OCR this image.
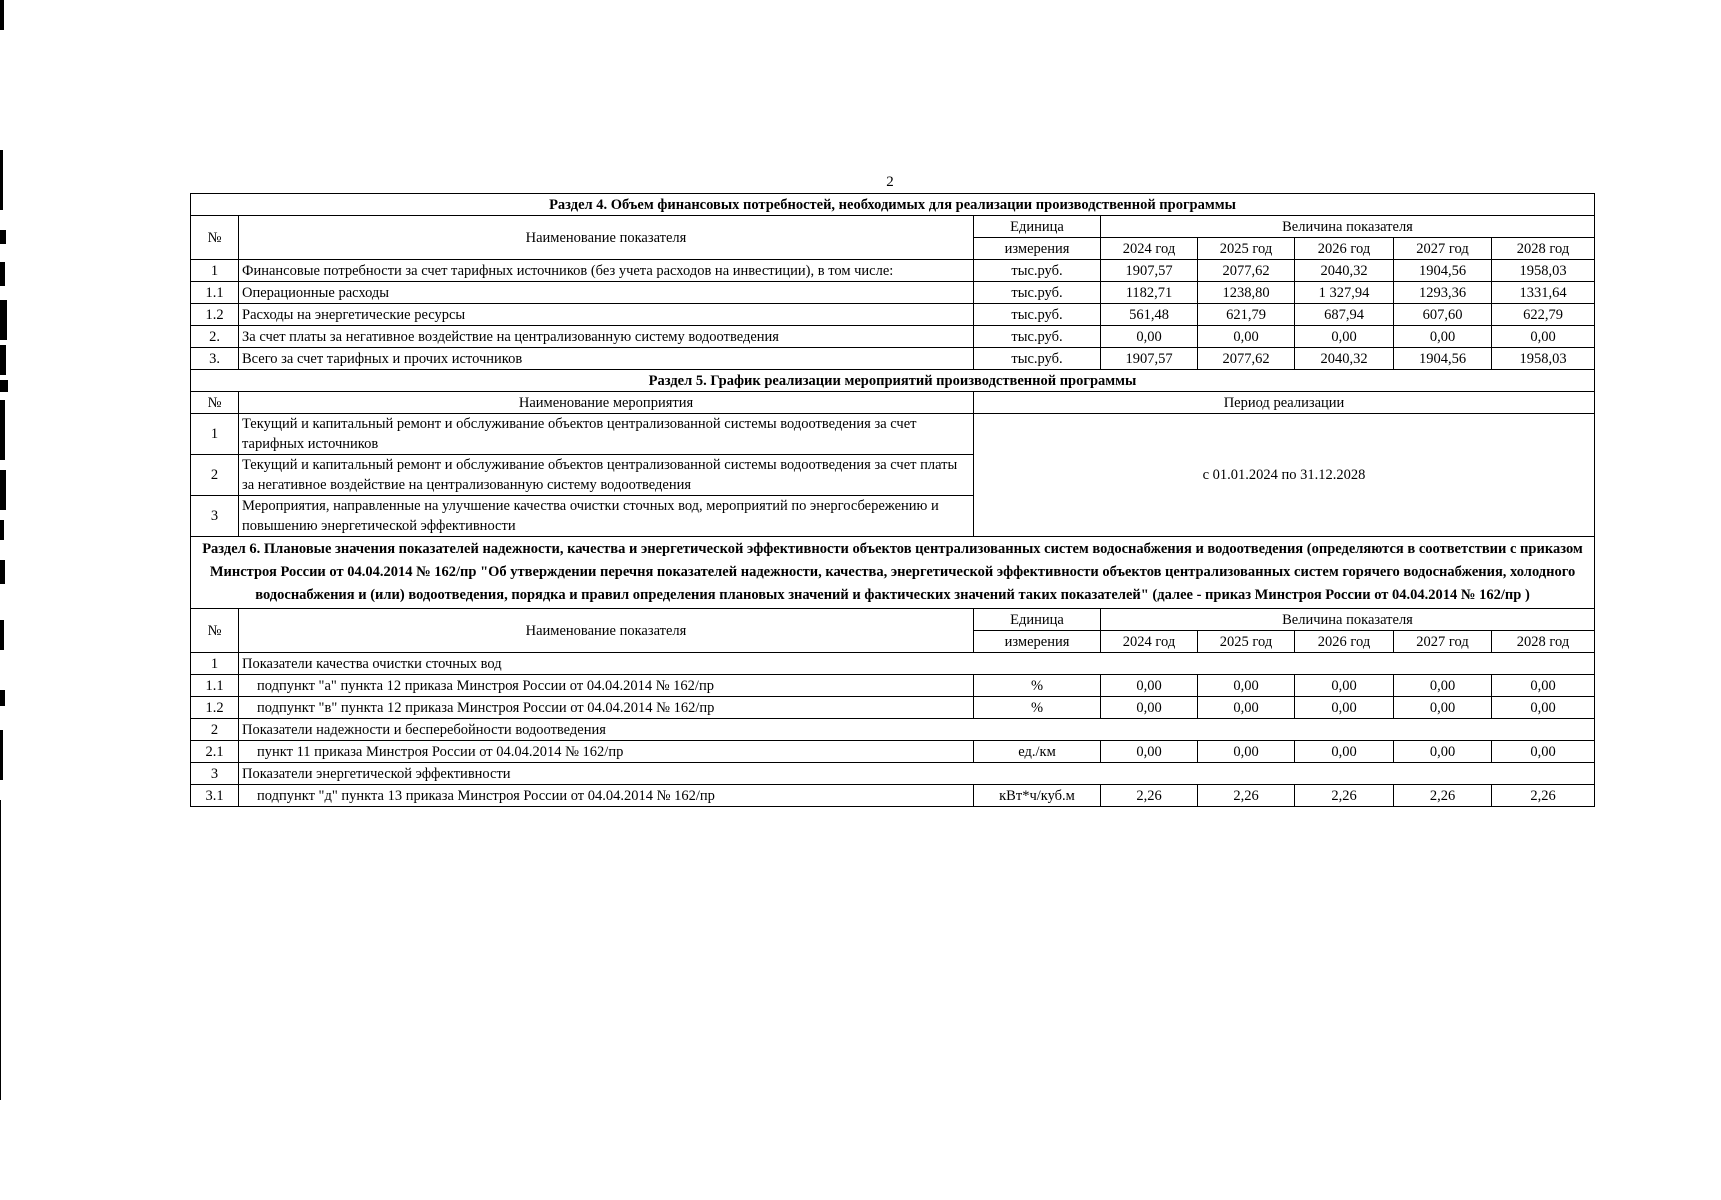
2
Раздел 4. Объем финансовых потребностей, необходимых для реализации производственной программы							
№	Наименование показателя	Единица	Величина показателя				
		измерения	2024 год	2025 год	2026 год	2027 год	2028 год
1	Финансовые потребности за счет тарифных источников (без учета расходов на инвестиции), в том числе:	тыс.руб.	1907,57	2077,62	2040,32	1904,56	1958,03
1.1	Операционные расходы	тыс.руб.	1182,71	1238,80	1 327,94	1293,36	1331,64
1.2	Расходы на энергетические ресурсы	тыс.руб.	561,48	621,79	687,94	607,60	622,79
2.	За счет платы за негативное воздействие на централизованную систему водоотведения	тыс.руб.	0,00	0,00	0,00	0,00	0,00
3.	Всего за счет тарифных и прочих источников	тыс.руб.	1907,57	2077,62	2040,32	1904,56	1958,03
Раздел 5. График реализации мероприятий производственной программы							
№	Наименование мероприятия	Период реализации					
1	Текущий и капитальный ремонт и обслуживание объектов централизованной системы водоотведения за счет тарифных источников	с 01.01.2024 по 31.12.2028					
2	Текущий и капитальный ремонт и обслуживание объектов централизованной системы водоотведения за счет платы за негативное воздействие на централизованную систему водоотведения						
3	Мероприятия, направленные на улучшение качества очистки сточных вод, мероприятий по энергосбережению и повышению энергетической эффективности						
Раздел 6. Плановые значения показателей надежности, качества и энергетической эффективности объектов централизованных систем водоснабжения и водоотведения (определяются в соответствии с приказом Минстроя России от 04.04.2014 № 162/пр "Об утверждении перечня показателей надежности, качества, энергетической эффективности объектов централизованных систем горячего водоснабжения, холодного водоснабжения и (или) водоотведения, порядка и правил определения плановых значений и фактических значений таких показателей" (далее - приказ Минстроя России от 04.04.2014 № 162/пр )							
№	Наименование показателя	Единица	Величина показателя				
		измерения	2024 год	2025 год	2026 год	2027 год	2028 год
1	Показатели качества очистки сточных вод						
1.1	подпункт "а" пункта 12 приказа Минстроя России от 04.04.2014 № 162/пр	%	0,00	0,00	0,00	0,00	0,00
1.2	подпункт "в" пункта 12 приказа Минстроя России от 04.04.2014 № 162/пр	%	0,00	0,00	0,00	0,00	0,00
2	Показатели надежности и бесперебойности водоотведения						
2.1	пункт 11 приказа Минстроя России от 04.04.2014 № 162/пр	ед./км	0,00	0,00	0,00	0,00	0,00
3	Показатели энергетической эффективности						
3.1	подпункт "д" пункта 13 приказа Минстроя России от 04.04.2014 № 162/пр	кВт*ч/куб.м	2,26	2,26	2,26	2,26	2,26
